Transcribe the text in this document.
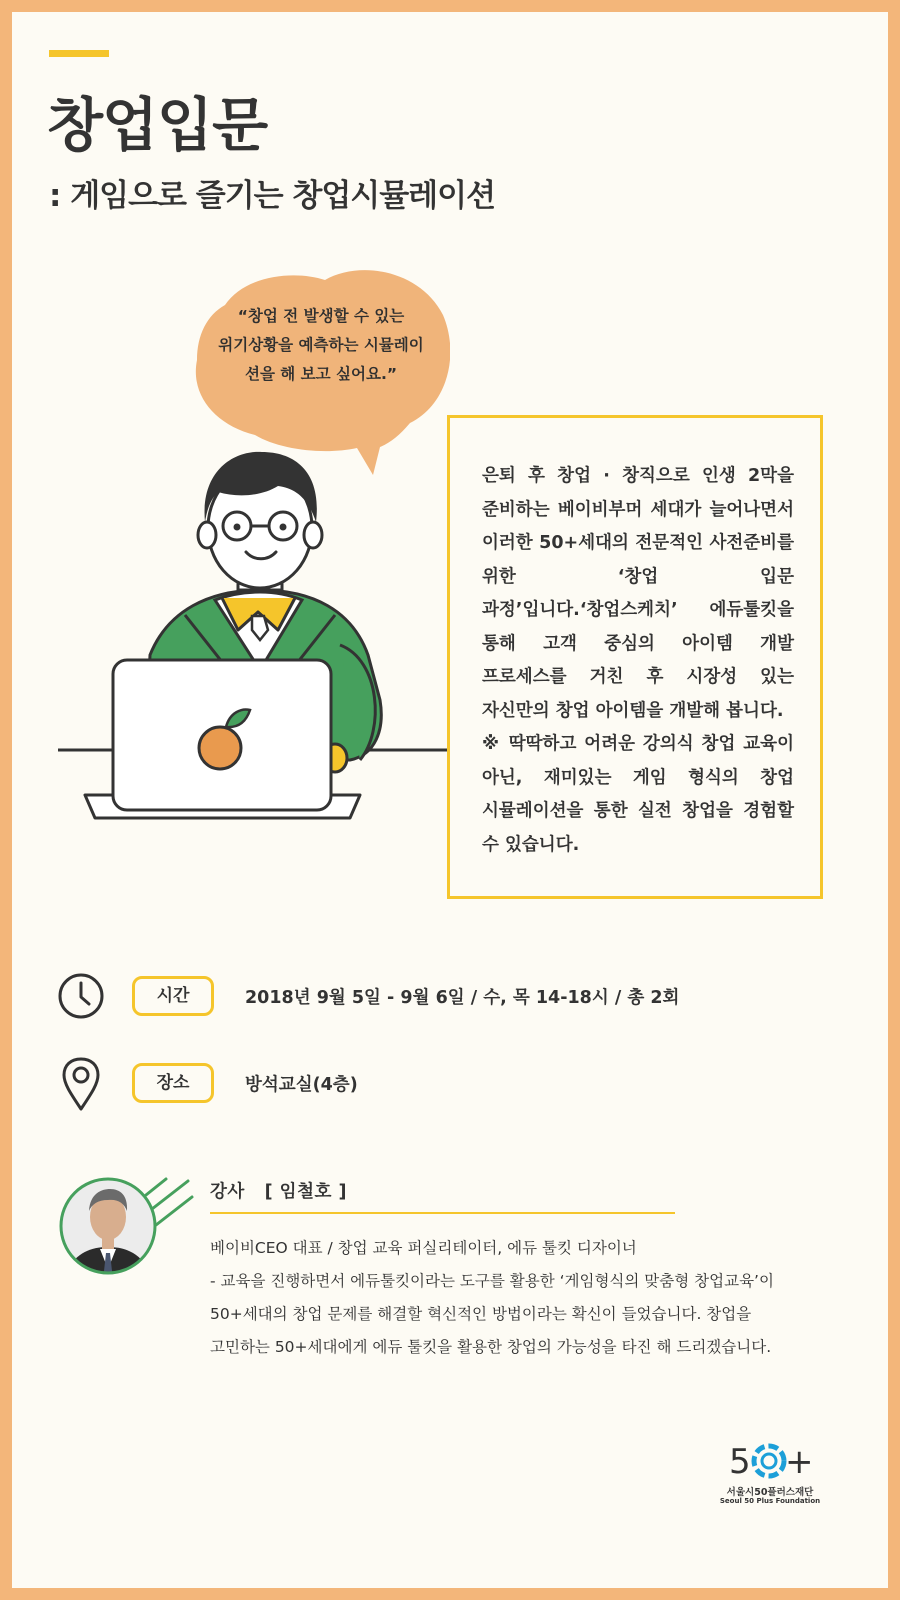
창업입문
: 게임으로 즐기는 창업시뮬레이션
“창업 전 발생할 수 있는
위기상황을 예측하는 시뮬레이
션을 해 보고 싶어요.”
은퇴 후 창업 · 창직으로 인생 2막을 준비하는 베이비부머 세대가 늘어나면서 이러한 50+세대의 전문적인 사전준비를 위한 ‘창업 입문 과정’입니다.‘창업스케치’ 에듀툴킷을 통해 고객 중심의 아이템 개발 프로세스를 거친 후 시장성 있는 자신만의 창업 아이템을 개발해 봅니다.
※ 딱딱하고 어려운 강의식 창업 교육이 아닌, 재미있는 게임 형식의 창업 시뮬레이션을 통한 실전 창업을 경험할 수 있습니다.
시간	2018년 9월 5일 - 9월 6일 / 수, 목 14-18시 / 총 2회
장소	방석교실(4층)
강사   [ 임철호 ]
베이비CEO 대표 / 창업 교육 퍼실리테이터, 에듀 툴킷 디자이너
- 교육을 진행하면서 에듀툴킷이라는 도구를 활용한 ‘게임형식의 맞춤형 창업교육’이
50+세대의 창업 문제를 해결할 혁신적인 방법이라는 확신이 들었습니다. 창업을
고민하는 50+세대에게 에듀 툴킷을 활용한 창업의 가능성을 타진 해 드리겠습니다.
5 +
서울시50플러스재단
Seoul 50 Plus Foundation
